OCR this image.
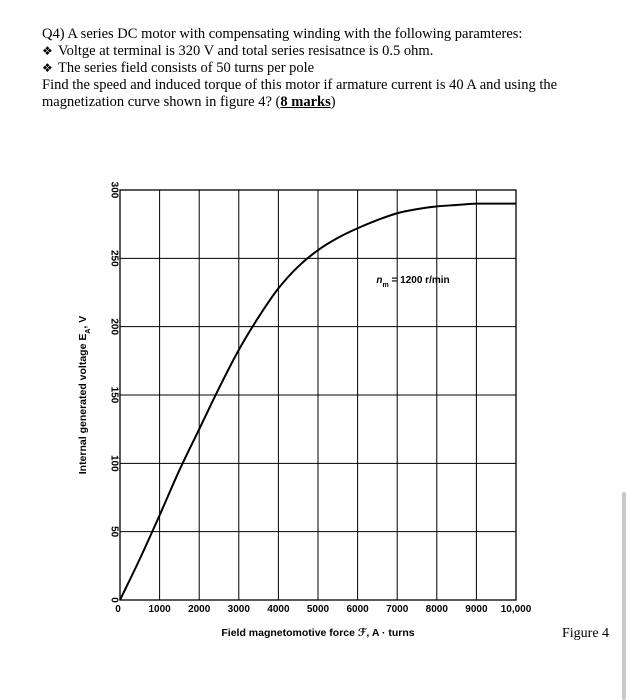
Q4) A series DC motor with compensating winding with the following paramteres:

❖ Voltge at terminal is 320 V and total series resisatnce is 0.5 ohm.

❖ The series field consists of 50 turns per pole

Find the speed and induced torque of this motor if armature current is 40 A and using the

magnetization curve shown in figure 4? (8 marks)

0	1000 2000 3000 4000 5000 6000 7000 8000 9000 10,000
0
50
100
150
200
250
300
$n_m = 1200$ r/min
Field magnetomotive force ℱ, A · turns
Internal generated voltage $E_A$, V
Figure 4
